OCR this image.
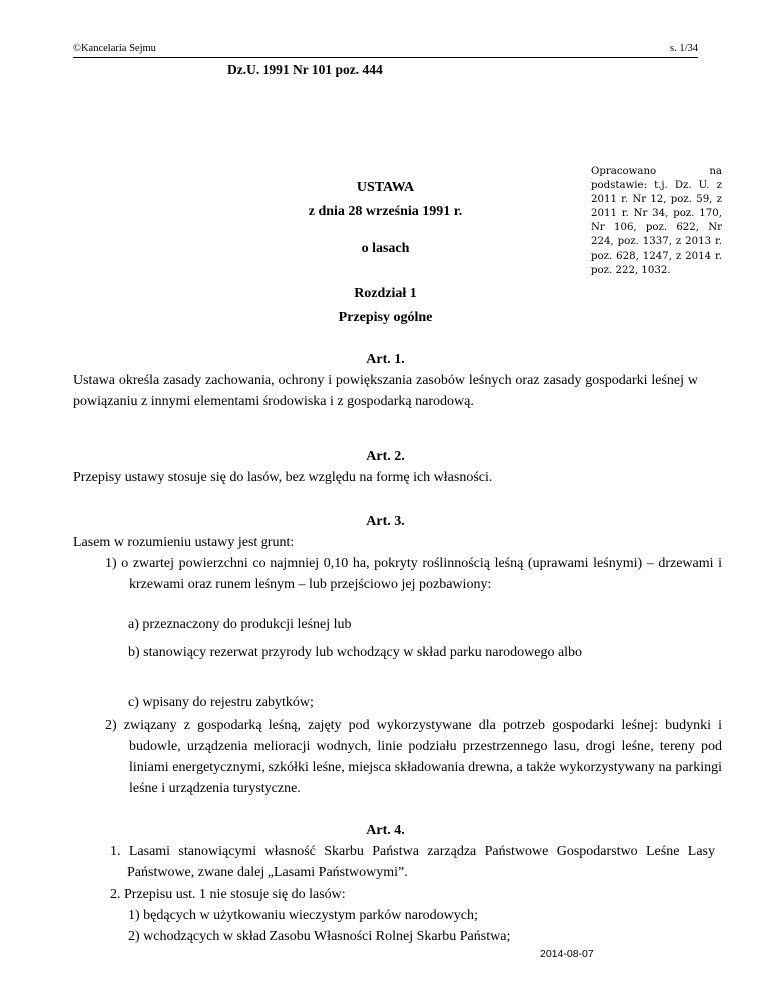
©Kancelaria Sejmu	s. 1/34
Dz.U. 1991 Nr 101 poz. 444
Opracowano na podstawie: t.j. Dz. U. z 2011 r. Nr 12, poz. 59, z 2011 r. Nr 34, poz. 170, Nr 106, poz. 622, Nr 224, poz. 1337, z 2013 r. poz. 628, 1247, z 2014 r. poz. 222, 1032.
USTAWA
z dnia 28 września 1991 r.
o lasach
Rozdział 1
Przepisy ogólne
Art. 1.
Ustawa określa zasady zachowania, ochrony i powiększania zasobów leśnych oraz zasady gospodarki leśnej w powiązaniu z innymi elementami środowiska i z gospodarką narodową.
Art. 2.
Przepisy ustawy stosuje się do lasów, bez względu na formę ich własności.
Art. 3.
Lasem w rozumieniu ustawy jest grunt:
1) o zwartej powierzchni co najmniej 0,10 ha, pokryty roślinnością leśną (uprawami leśnymi) – drzewami i krzewami oraz runem leśnym – lub przejściowo jej pozbawiony:
a) przeznaczony do produkcji leśnej lub
b) stanowiący rezerwat przyrody lub wchodzący w skład parku narodowego albo
c) wpisany do rejestru zabytków;
2) związany z gospodarką leśną, zajęty pod wykorzystywane dla potrzeb gospodarki leśnej: budynki i budowle, urządzenia melioracji wodnych, linie podziału przestrzennego lasu, drogi leśne, tereny pod liniami energetycznymi, szkółki leśne, miejsca składowania drewna, a także wykorzystywany na parkingi leśne i urządzenia turystyczne.
Art. 4.
1. Lasami stanowiącymi własność Skarbu Państwa zarządza Państwowe Gospodarstwo Leśne Lasy Państwowe, zwane dalej „Lasami Państwowymi”.
2. Przepisu ust. 1 nie stosuje się do lasów:
1) będących w użytkowaniu wieczystym parków narodowych;
2) wchodzących w skład Zasobu Własności Rolnej Skarbu Państwa;
2014-08-07
